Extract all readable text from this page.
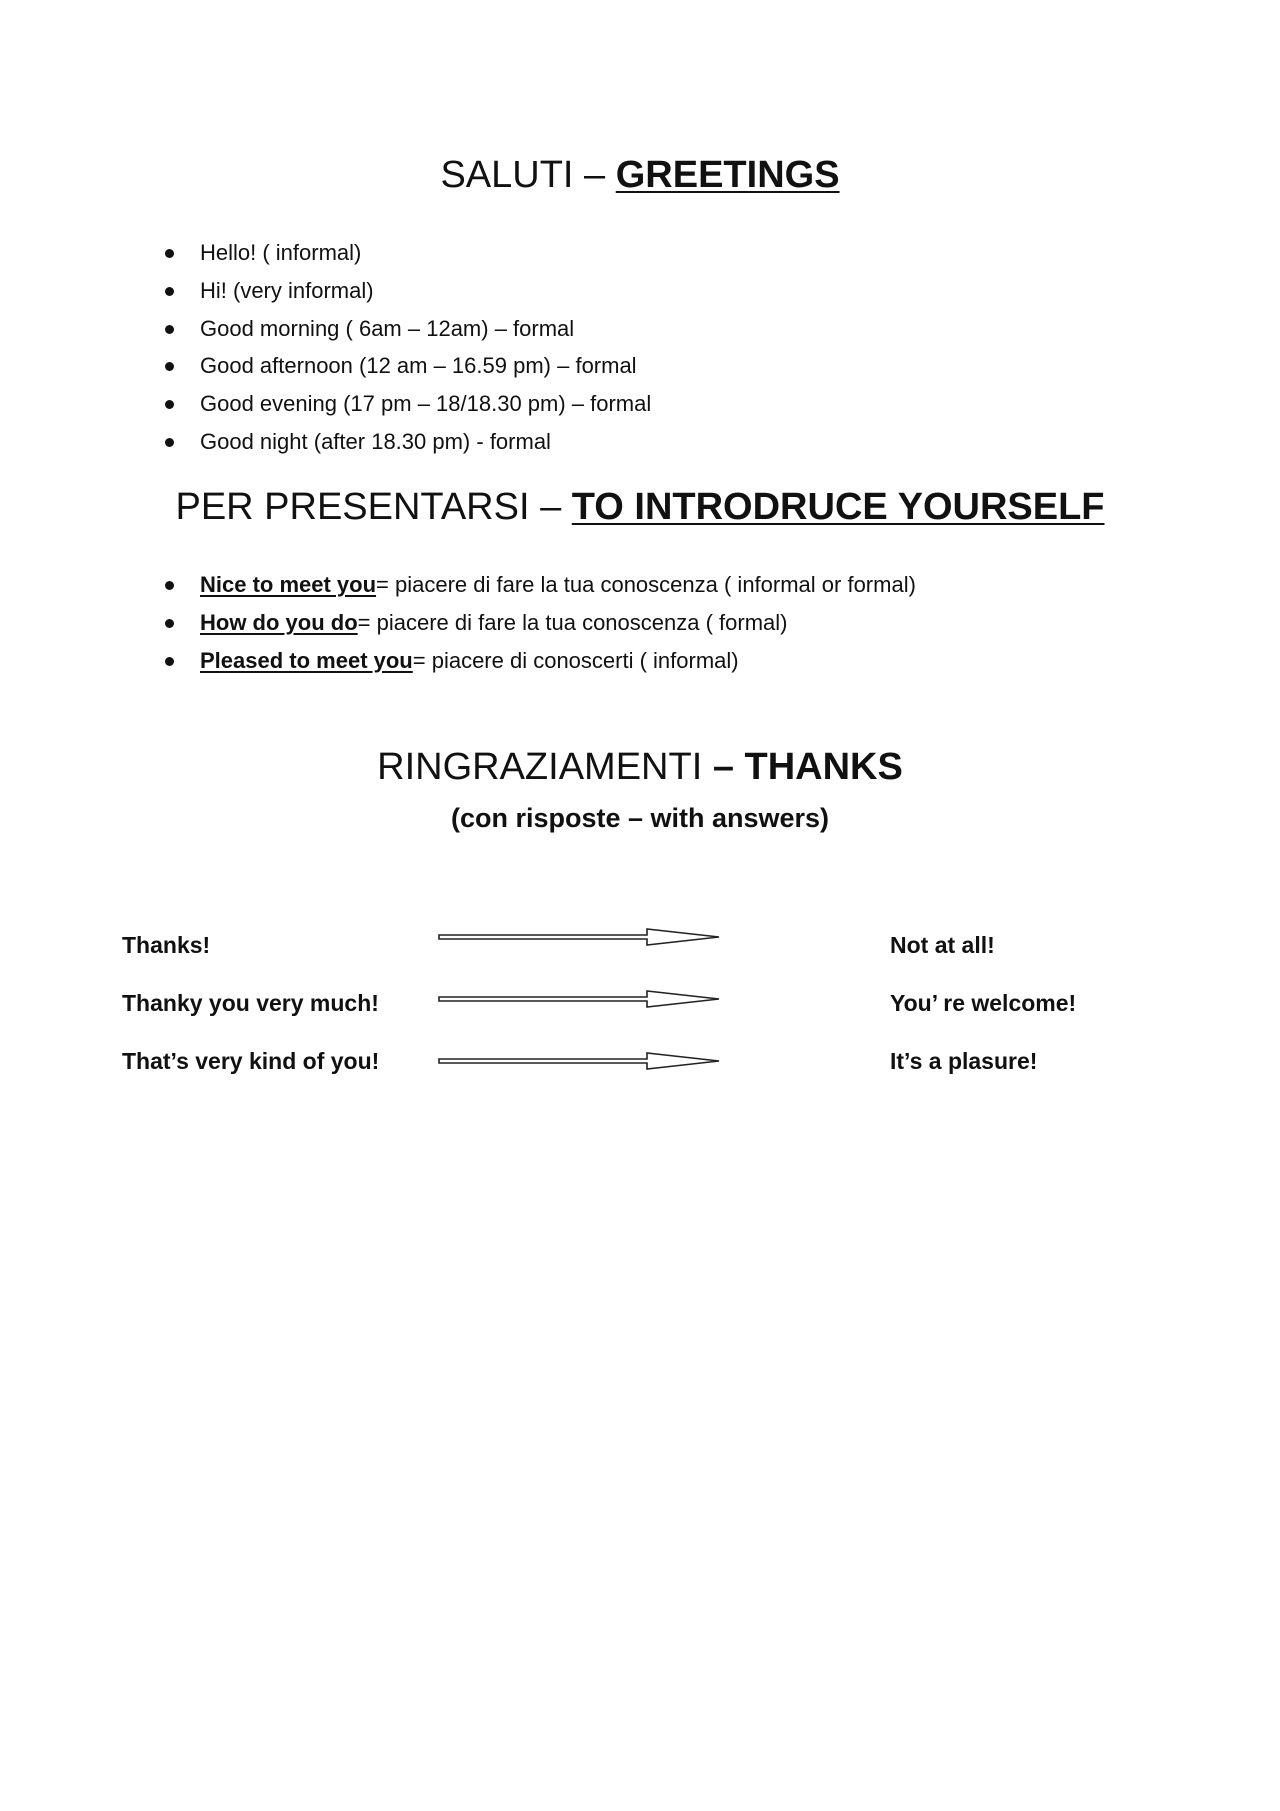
SALUTI – GREETINGS
Hello! ( informal)
Hi! (very informal)
Good morning ( 6am – 12am) – formal
Good afternoon (12 am – 16.59 pm) – formal
Good evening (17 pm – 18/18.30 pm) – formal
Good night (after 18.30 pm) - formal
PER PRESENTARSI – TO INTRODRUCE YOURSELF
Nice to meet you= piacere di fare la tua conoscenza ( informal or formal)
How do you do= piacere di fare la tua conoscenza ( formal)
Pleased to meet you= piacere di conoscerti ( informal)
RINGRAZIAMENTI – THANKS
(con risposte – with answers)
Thanks!	Not at all!
Thanky you very much!	You’ re welcome!
That’s very kind of you!	It’s a plasure!
